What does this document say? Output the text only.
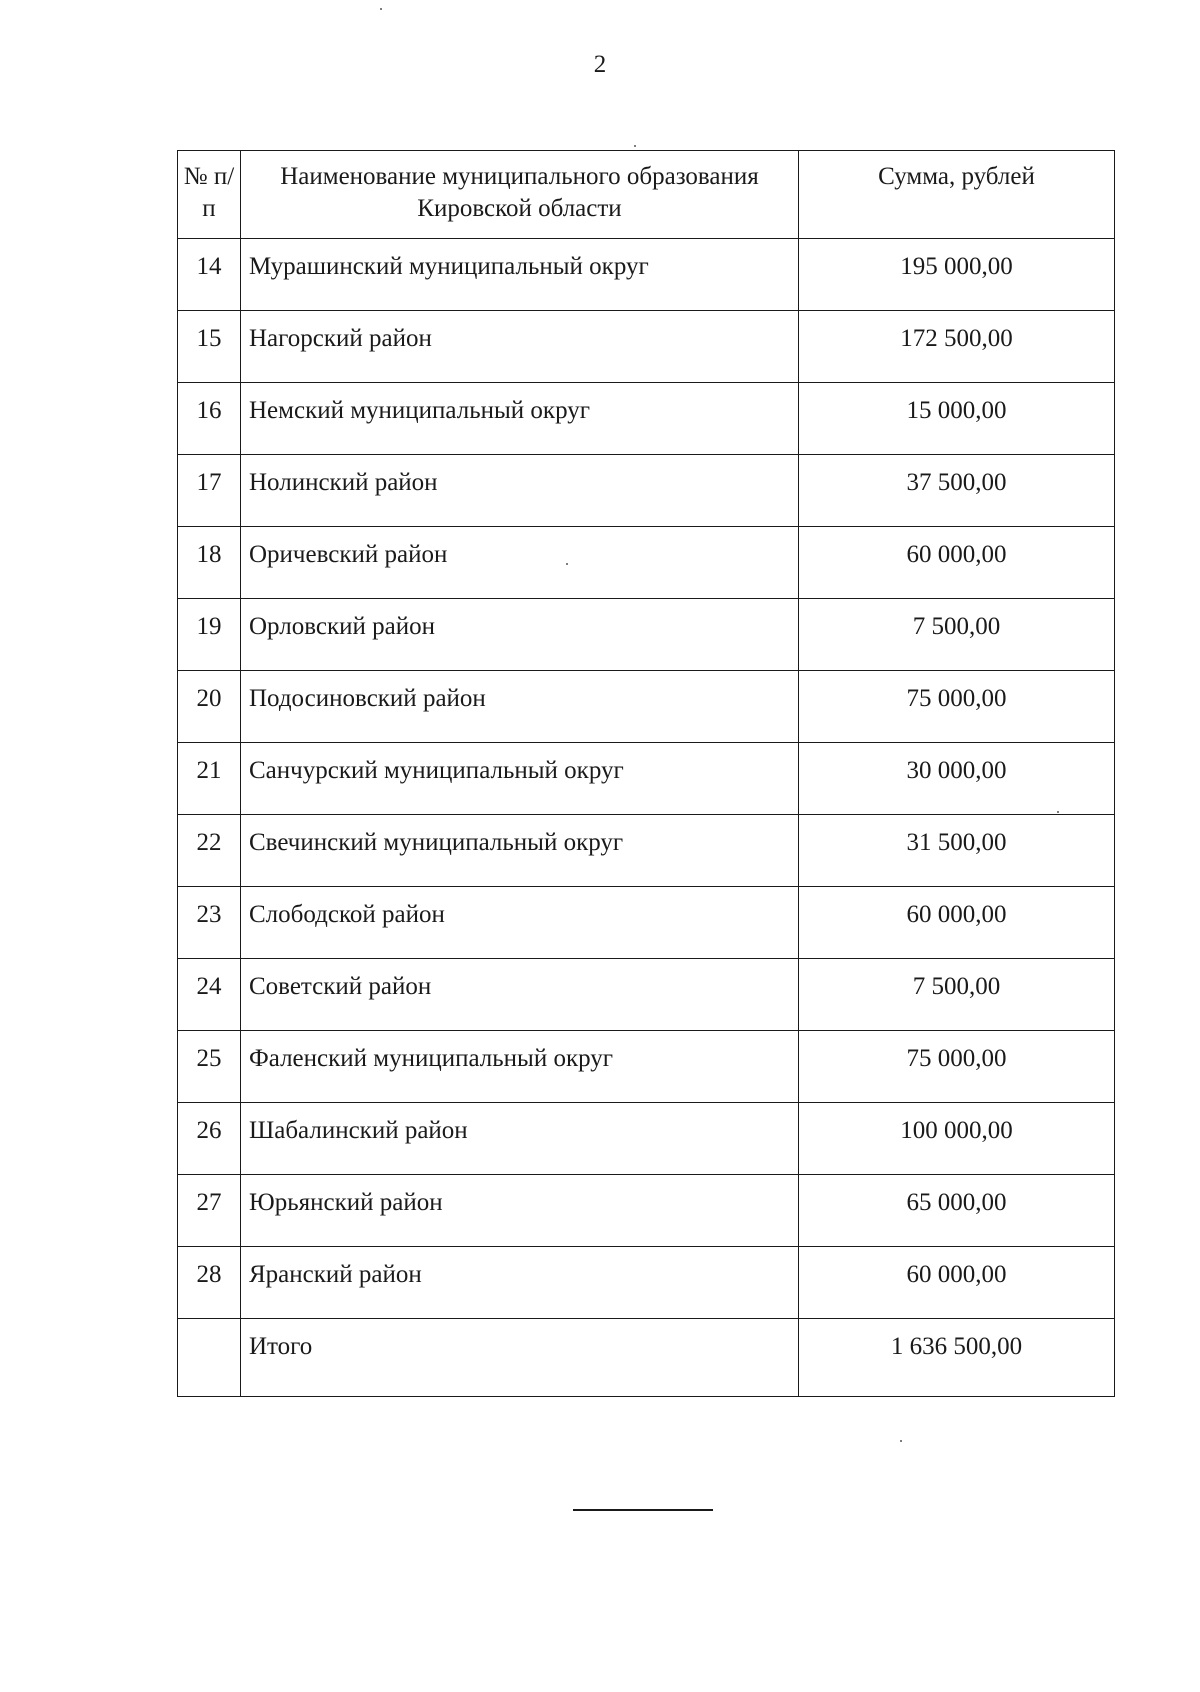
2
№ п/п	Наименование муниципального образования Кировской области	Сумма, рублей
14	Мурашинский муниципальный округ	195 000,00
15	Нагорский район	172 500,00
16	Немский муниципальный округ	15 000,00
17	Нолинский район	37 500,00
18	Оричевский район	60 000,00
19	Орловский район	7 500,00
20	Подосиновский район	75 000,00
21	Санчурский муниципальный округ	30 000,00
22	Свечинский муниципальный округ	31 500,00
23	Слободской район	60 000,00
24	Советский район	7 500,00
25	Фаленский муниципальный округ	75 000,00
26	Шабалинский район	100 000,00
27	Юрьянский район	65 000,00
28	Яранский район	60 000,00
	Итого	1 636 500,00
